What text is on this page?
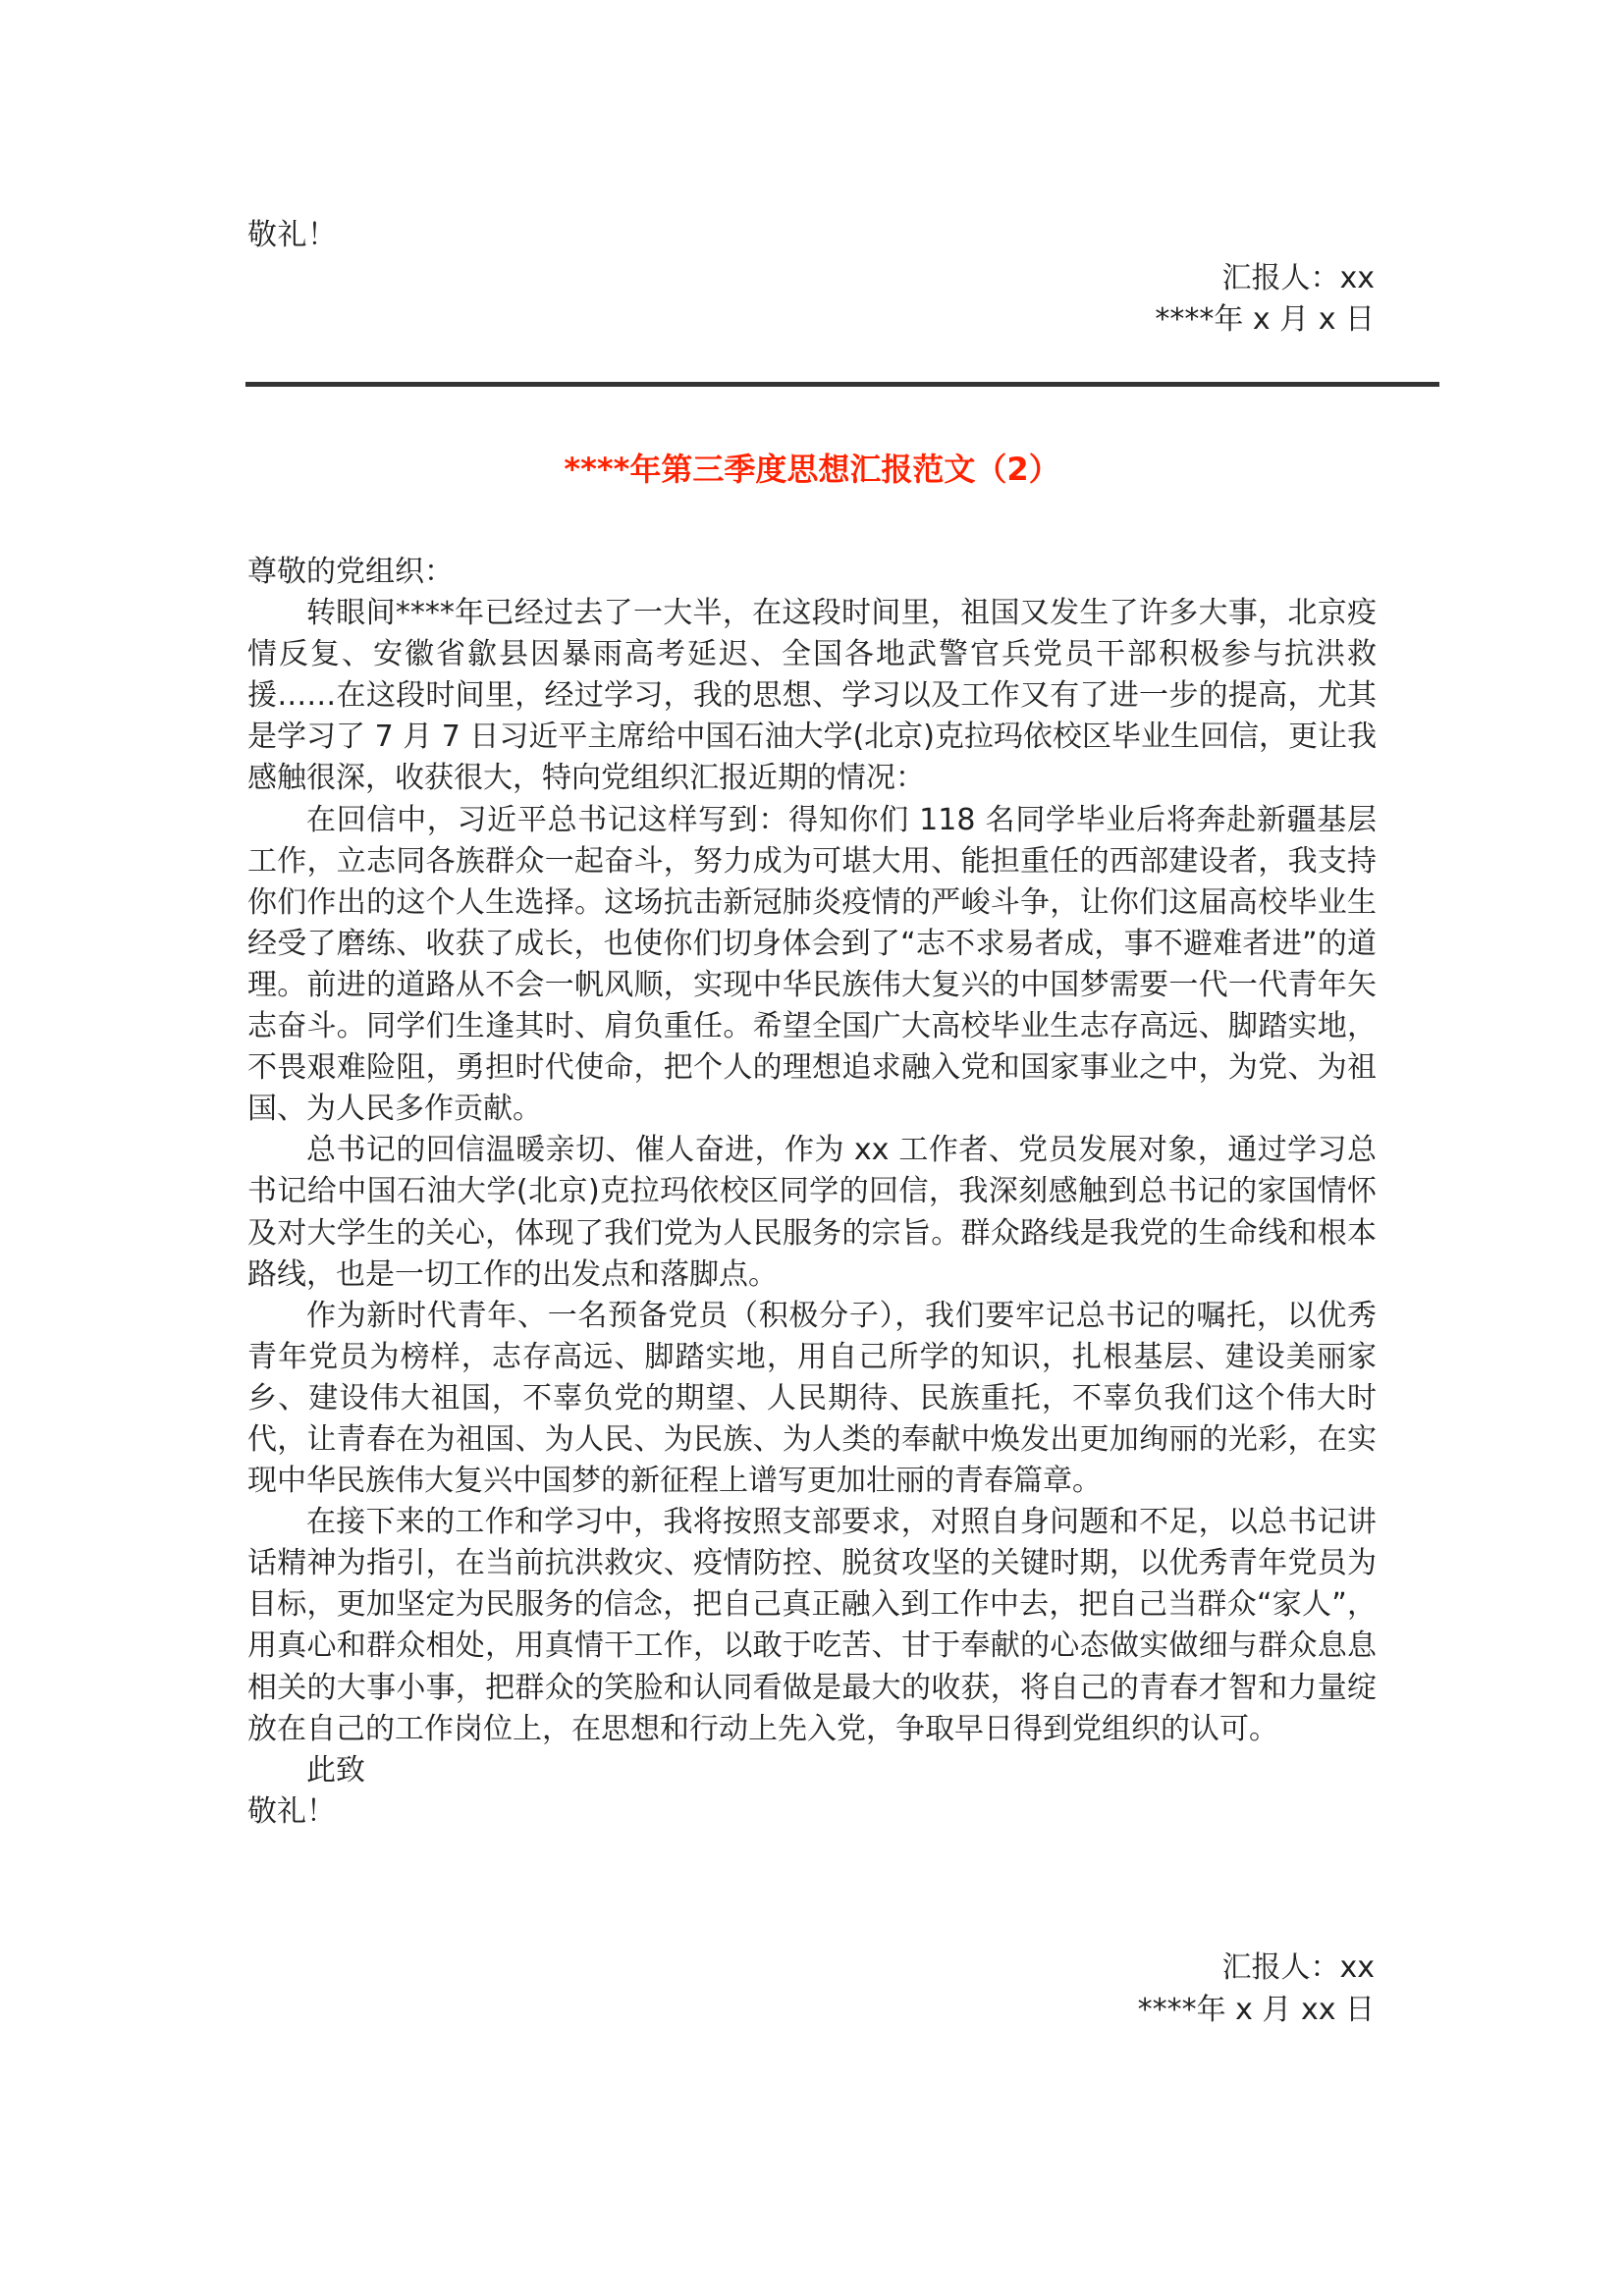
敬礼！
汇报人：xx
****年 x 月 x 日
****年第三季度思想汇报范文（2）

尊敬的党组织：

转眼间****年已经过去了一大半，在这段时间里，祖国又发生了许多大事，北京疫情反复、安徽省歙县因暴雨高考延迟、全国各地武警官兵党员干部积极参与抗洪救援……在这段时间里，经过学习，我的思想、学习以及工作又有了进一步的提高，尤其是学习了 7 月 7 日习近平主席给中国石油大学(北京)克拉玛依校区毕业生回信，更让我感触很深，收获很大，特向党组织汇报近期的情况：

在回信中，习近平总书记这样写到：得知你们 118 名同学毕业后将奔赴新疆基层工作，立志同各族群众一起奋斗，努力成为可堪大用、能担重任的西部建设者，我支持你们作出的这个人生选择。这场抗击新冠肺炎疫情的严峻斗争，让你们这届高校毕业生经受了磨练、收获了成长，也使你们切身体会到了“志不求易者成，事不避难者进”的道理。前进的道路从不会一帆风顺，实现中华民族伟大复兴的中国梦需要一代一代青年矢志奋斗。同学们生逢其时、肩负重任。希望全国广大高校毕业生志存高远、脚踏实地，不畏艰难险阻，勇担时代使命，把个人的理想追求融入党和国家事业之中，为党、为祖国、为人民多作贡献。

总书记的回信温暖亲切、催人奋进，作为 xx 工作者、党员发展对象，通过学习总书记给中国石油大学(北京)克拉玛依校区同学的回信，我深刻感触到总书记的家国情怀及对大学生的关心，体现了我们党为人民服务的宗旨。群众路线是我党的生命线和根本路线，也是一切工作的出发点和落脚点。

作为新时代青年、一名预备党员（积极分子），我们要牢记总书记的嘱托，以优秀青年党员为榜样，志存高远、脚踏实地，用自己所学的知识，扎根基层、建设美丽家乡、建设伟大祖国，不辜负党的期望、人民期待、民族重托，不辜负我们这个伟大时代，让青春在为祖国、为人民、为民族、为人类的奉献中焕发出更加绚丽的光彩，在实现中华民族伟大复兴中国梦的新征程上谱写更加壮丽的青春篇章。

在接下来的工作和学习中，我将按照支部要求，对照自身问题和不足，以总书记讲话精神为指引，在当前抗洪救灾、疫情防控、脱贫攻坚的关键时期，以优秀青年党员为目标，更加坚定为民服务的信念，把自己真正融入到工作中去，把自己当群众“家人”，用真心和群众相处，用真情干工作，以敢于吃苦、甘于奉献的心态做实做细与群众息息相关的大事小事，把群众的笑脸和认同看做是最大的收获，将自己的青春才智和力量绽放在自己的工作岗位上，在思想和行动上先入党，争取早日得到党组织的认可。

此致

敬礼！

汇报人：xx
****年 x 月 xx 日
